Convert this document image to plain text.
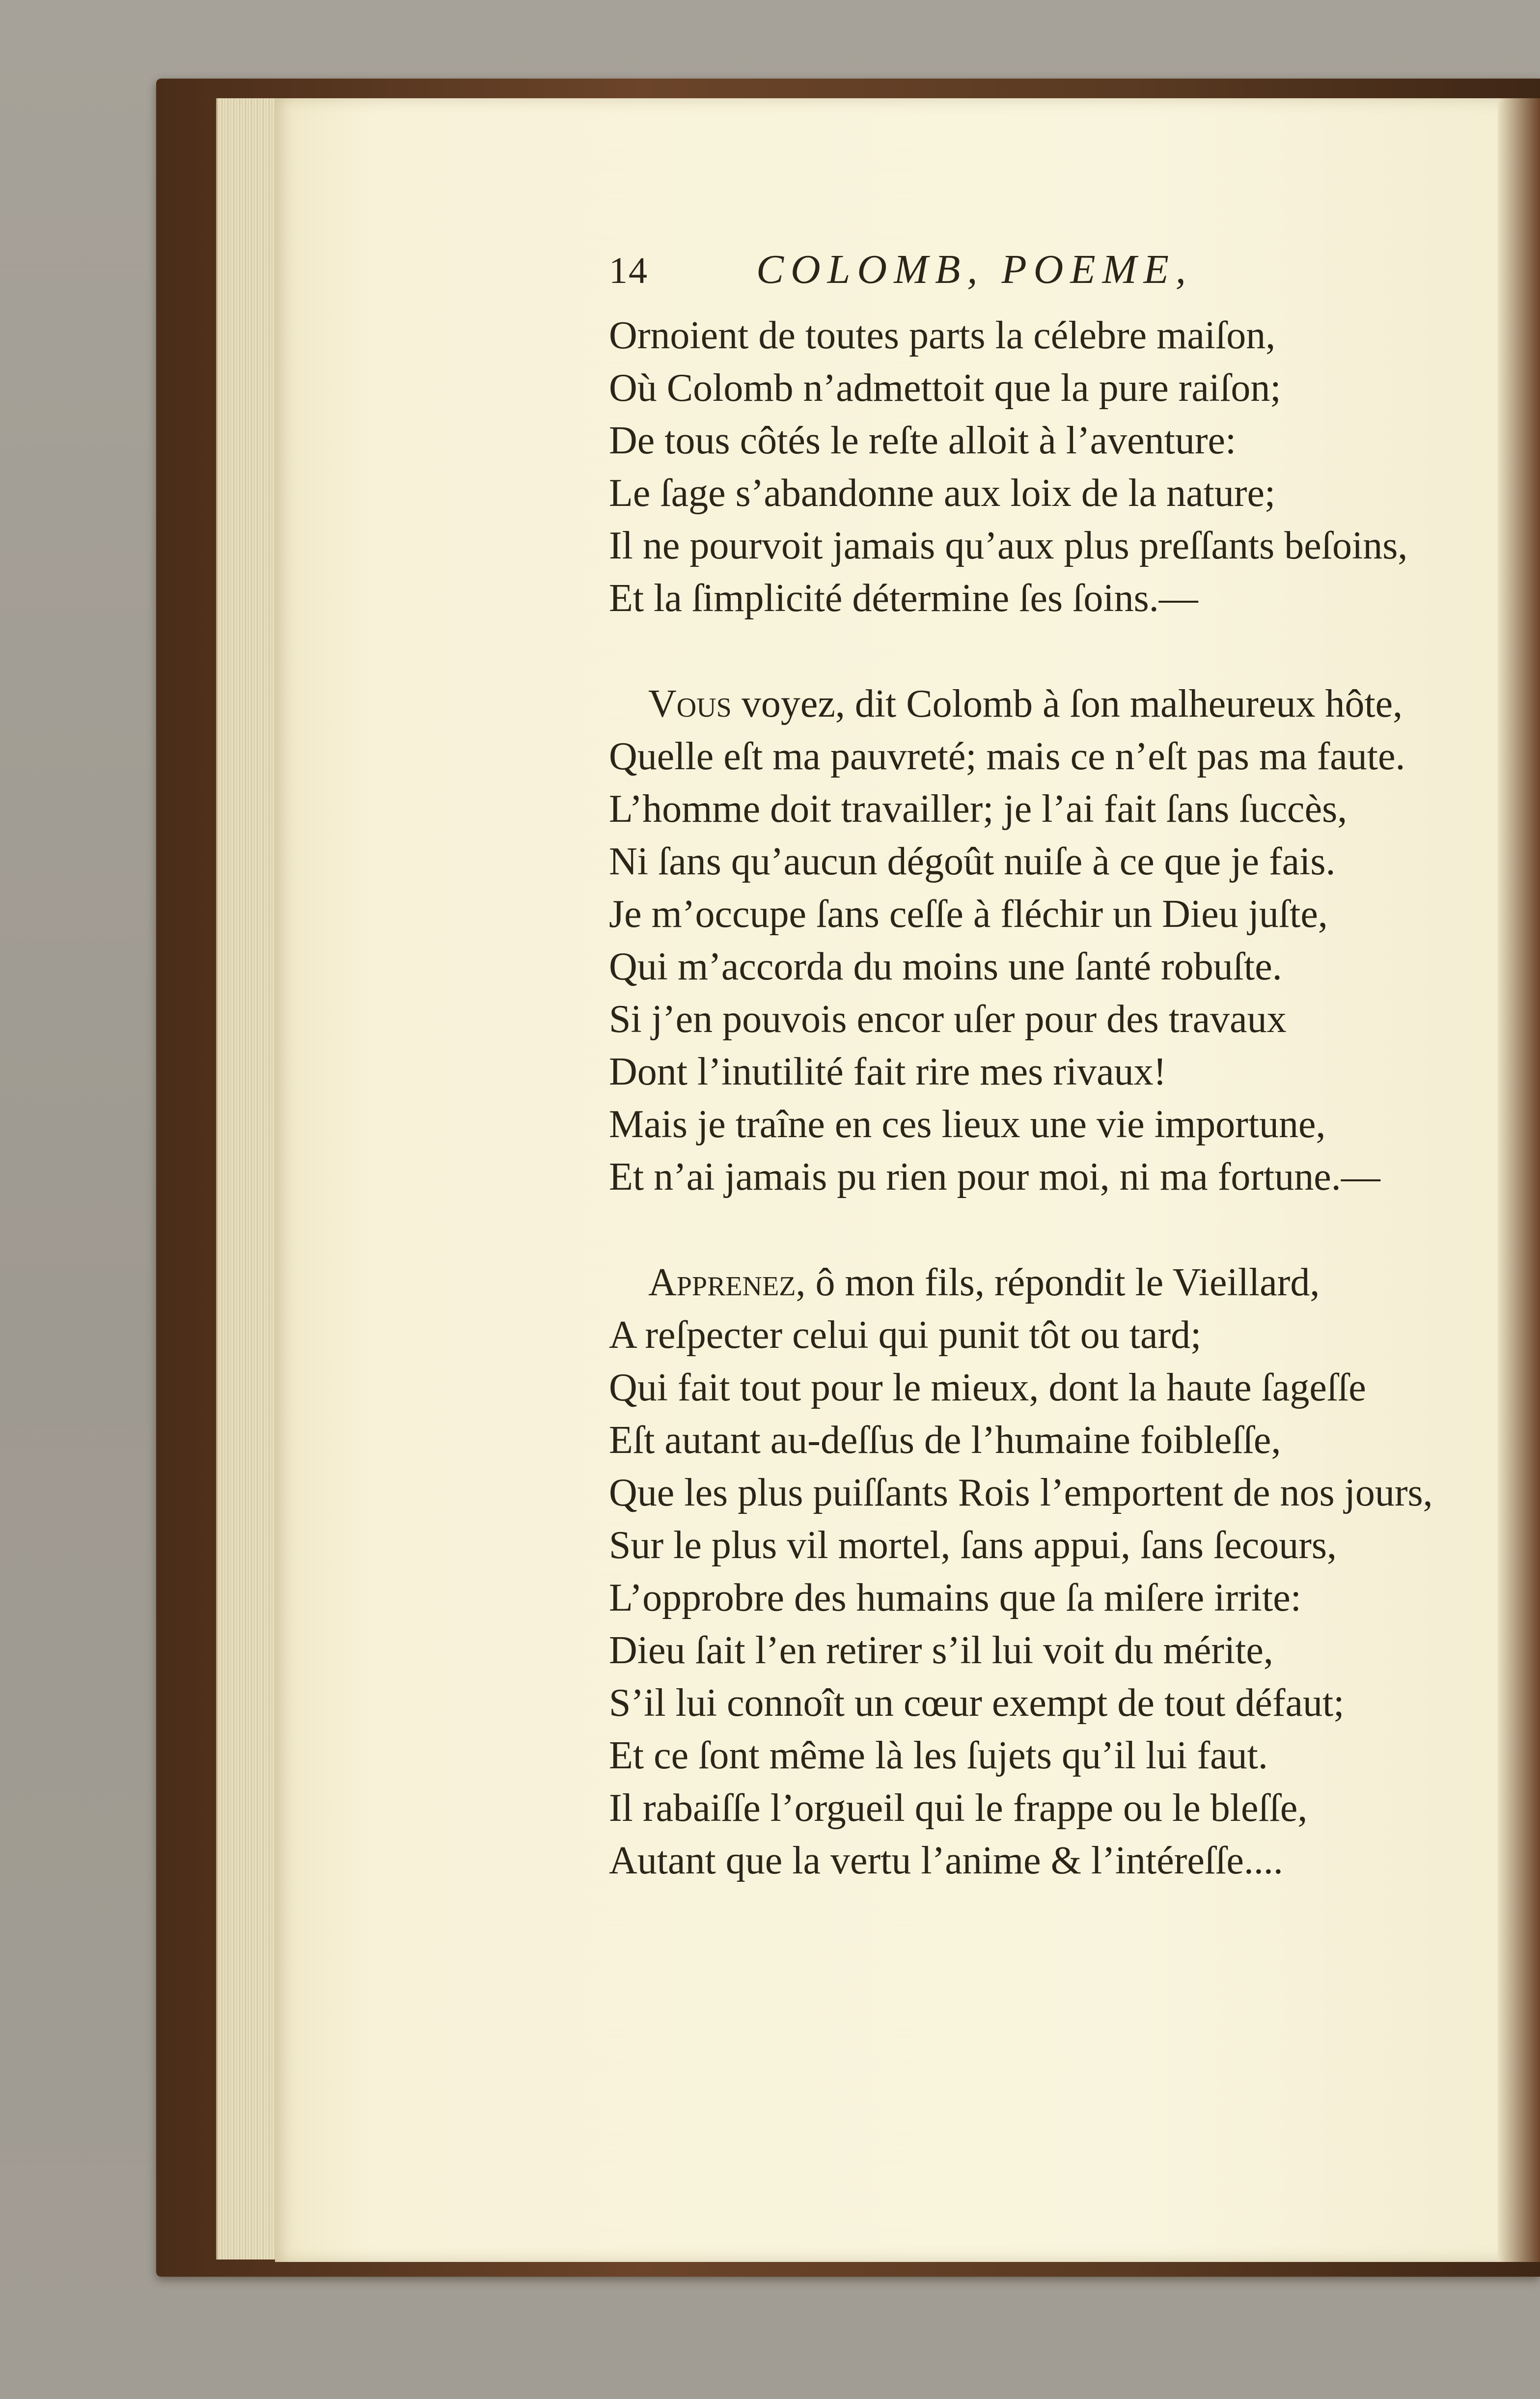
14	COLOMB, POEME,
Ornoient de toutes parts la célebre maiſon,
Où Colomb n’admettoit que la pure raiſon;
De tous côtés le reſte alloit à l’aventure:
Le ſage s’abandonne aux loix de la nature;
Il ne pourvoit jamais qu’aux plus preſſants beſoins,
Et la ſimplicité détermine ſes ſoins.—
Vous voyez, dit Colomb à ſon malheureux hôte,
Quelle eſt ma pauvreté; mais ce n’eſt pas ma faute.
L’homme doit travailler; je l’ai fait ſans ſuccès,
Ni ſans qu’aucun dégoût nuiſe à ce que je fais.
Je m’occupe ſans ceſſe à fléchir un Dieu juſte,
Qui m’accorda du moins une ſanté robuſte.
Si j’en pouvois encor uſer pour des travaux
Dont l’inutilité fait rire mes rivaux!
Mais je traîne en ces lieux une vie importune,
Et n’ai jamais pu rien pour moi, ni ma fortune.—
Apprenez, ô mon fils, répondit le Vieillard,
A reſpecter celui qui punit tôt ou tard;
Qui fait tout pour le mieux, dont la haute ſageſſe
Eſt autant au-deſſus de l’humaine foibleſſe,
Que les plus puiſſants Rois l’emportent de nos jours,
Sur le plus vil mortel, ſans appui, ſans ſecours,
L’opprobre des humains que ſa miſere irrite:
Dieu ſait l’en retirer s’il lui voit du mérite,
S’il lui connoît un cœur exempt de tout défaut;
Et ce ſont même là les ſujets qu’il lui faut.
Il rabaiſſe l’orgueil qui le frappe ou le bleſſe,
Autant que la vertu l’anime & l’intéreſſe....
